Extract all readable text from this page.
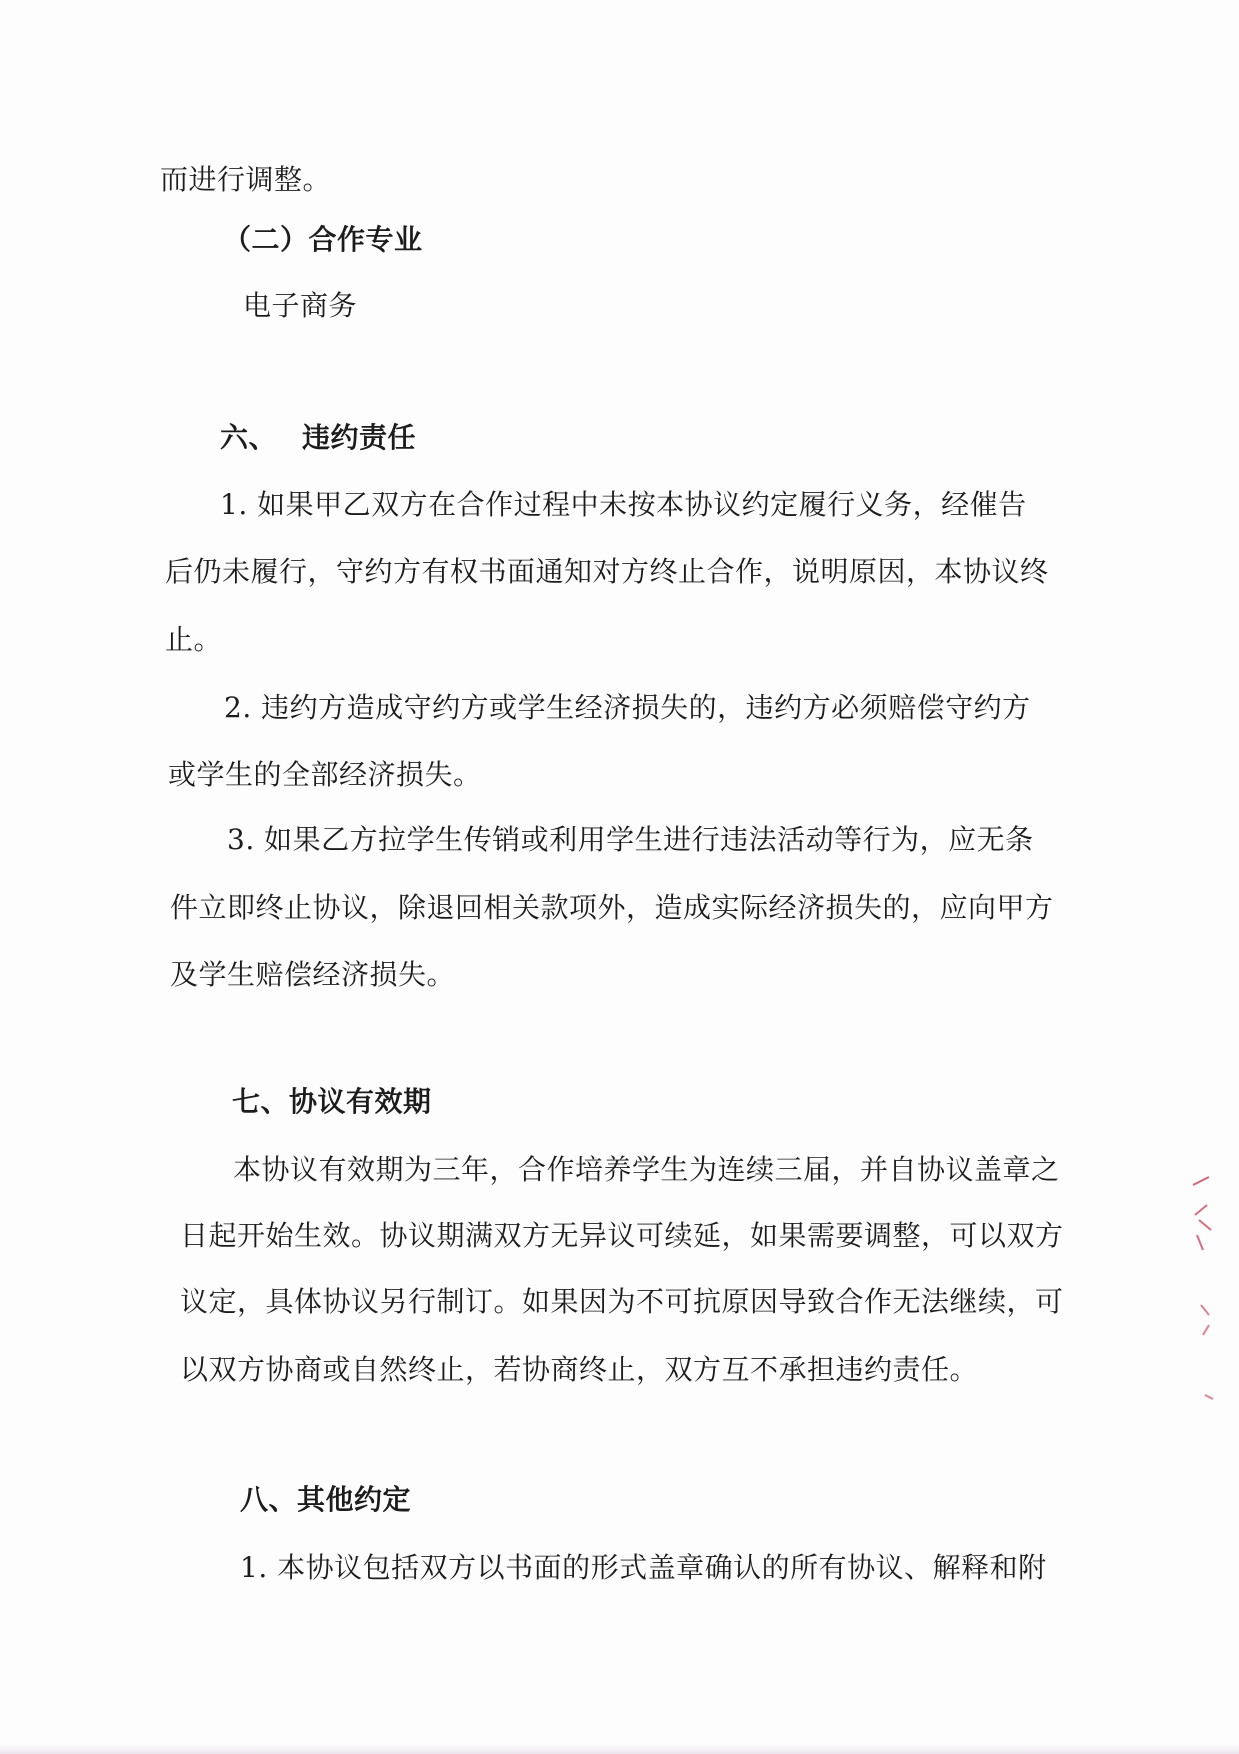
而进行调整。
（二）合作专业
电子商务
六、 违约责任
1. 如果甲乙双方在合作过程中未按本协议约定履行义务，经催告
后仍未履行，守约方有权书面通知对方终止合作，说明原因，本协议终
止。
2. 违约方造成守约方或学生经济损失的，违约方必须赔偿守约方
或学生的全部经济损失。
3. 如果乙方拉学生传销或利用学生进行违法活动等行为，应无条
件立即终止协议，除退回相关款项外，造成实际经济损失的，应向甲方
及学生赔偿经济损失。
七、协议有效期
本协议有效期为三年，合作培养学生为连续三届，并自协议盖章之
日起开始生效。协议期满双方无异议可续延，如果需要调整，可以双方
议定，具体协议另行制订。如果因为不可抗原因导致合作无法继续，可
以双方协商或自然终止，若协商终止，双方互不承担违约责任。
八、其他约定
1. 本协议包括双方以书面的形式盖章确认的所有协议、解释和附
